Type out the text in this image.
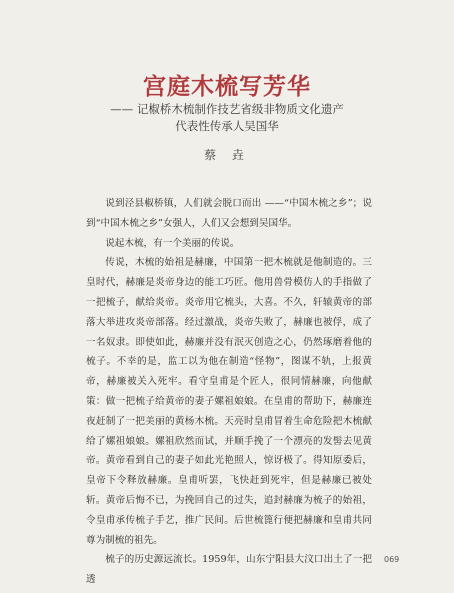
宫庭木梳写芳华
—— 记椒桥木梳制作技艺省级非物质文化遗产
代表性传承人吴国华
蔡 垚

说到泾县椒桥镇，人们就会脱口而出 ——“中国木梳之乡”；说到“中国木梳之乡”女强人，人们又会想到吴国华。

说起木梳，有一个美丽的传说。

传说，木梳的始祖是赫廉，中国第一把木梳就是他制造的。三皇时代，赫廉是炎帝身边的能工巧匠。他用兽骨模仿人的手指做了一把梳子，献给炎帝。炎帝用它梳头，大喜。不久，轩辕黄帝的部落大举进攻炎帝部落。经过激战，炎帝失败了，赫廉也被俘，成了一名奴隶。即使如此，赫廉并没有泯灭创造之心，仍然琢磨着他的梳子。不幸的是，监工以为他在制造“怪物”，图谋不轨，上报黄帝，赫廉被关入死牢。看守皇甫是个匠人，很同情赫廉，向他献策：做一把梳子给黄帝的妻子嫘祖娘娘。在皇甫的帮助下，赫廉连夜赶制了一把美丽的黄杨木梳。天亮时皇甫冒着生命危险把木梳献给了嫘祖娘娘。嫘祖欣然而试，并顺手挽了一个漂亮的发髻去见黄帝。黄帝看到自己的妻子如此光艳照人，惊讶极了。得知原委后，皇帝下令释放赫廉。皇甫听罢，飞快赶到死牢，但是赫廉已被处斩。黄帝后悔不已，为挽回自己的过失，追封赫廉为梳子的始祖，令皇甫承传梳子手艺，推广民间。后世梳篦行便把赫廉和皇甫共同尊为制梳的祖先。

梳子的历史源远流长。1959年，山东宁阳县大汶口出土了一把透

069
